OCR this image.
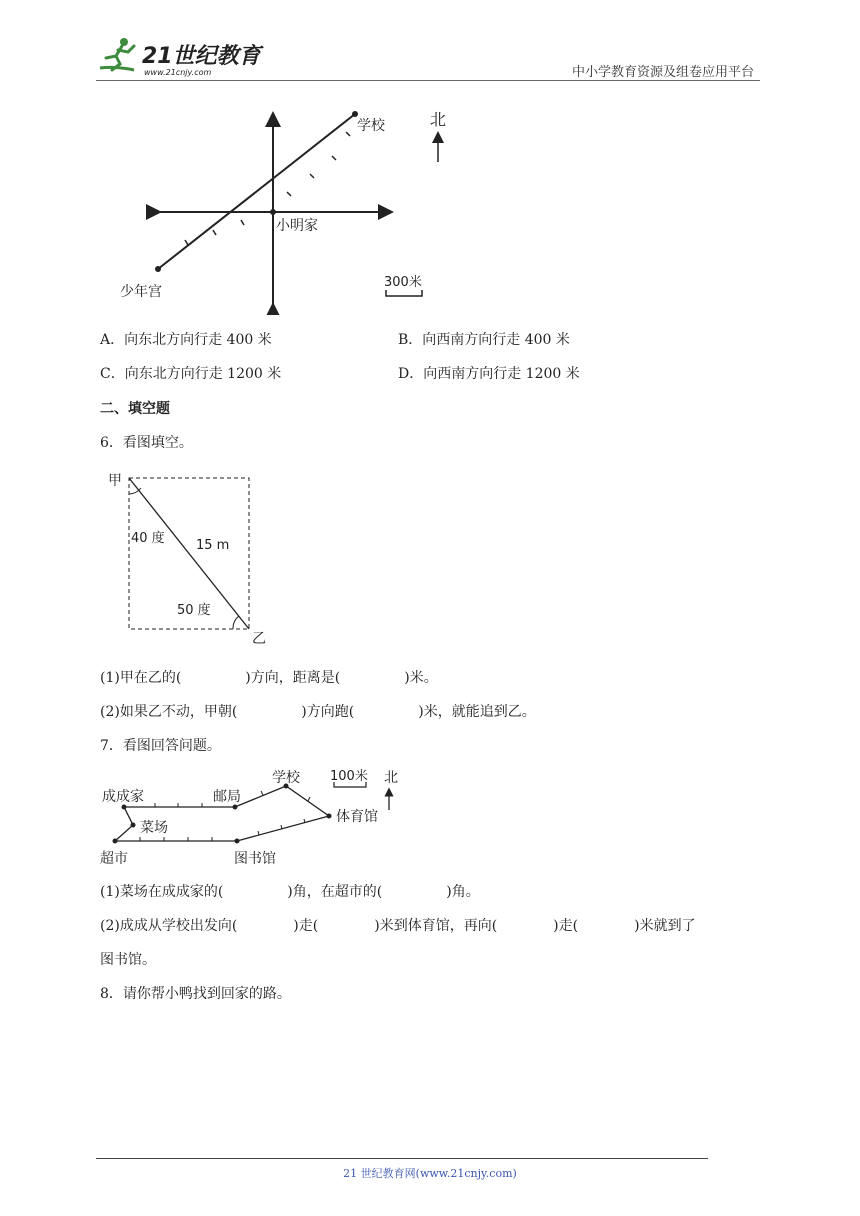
21世纪教育
www.21cnjy.com	中小学教育资源及组卷应用平台
学校
小明家
少年宫
北
300米
A．向东北方向行走 400 米	B．向西南方向行走 400 米
C．向东北方向行走 1200 米	D．向西南方向行走 1200 米
二、填空题
6．看图填空。
甲
乙
40 度 15 m
50 度
(1)甲在乙的(	)方向，距离是(	)米。
(2)如果乙不动，甲朝(	)方向跑(	)米，就能追到乙。
7．看图回答问题。
成成家	邮局
学校 100米 北
体育馆
菜场
超市	图书馆
(1)菜场在成成家的(	)角，在超市的(	)角。
(2)成成从学校出发向(	)走(	)米到体育馆，再向(	)走(	)米就到了
图书馆。
8．请你帮小鸭找到回家的路。
21 世纪教育网(www.21cnjy.com)
